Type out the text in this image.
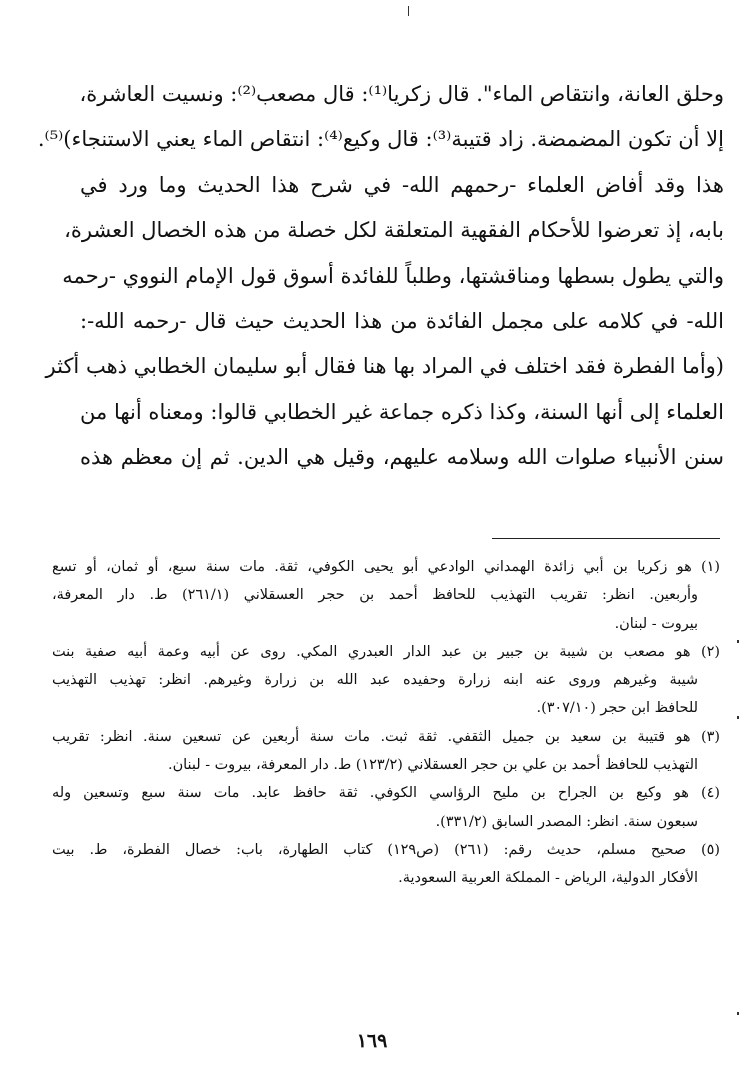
وحلق العانة، وانتقاص الماء". قال زكريا⁽¹⁾: قال مصعب⁽²⁾: ونسيت العاشرة،
إلا أن تكون المضمضة. زاد قتيبة⁽³⁾: قال وكيع⁽⁴⁾: انتقاص الماء يعني الاستنجاء)⁽⁵⁾.
هذا وقد أفاض العلماء -رحمهم الله- في شرح هذا الحديث وما ورد في
بابه، إذ تعرضوا للأحكام الفقهية المتعلقة لكل خصلة من هذه الخصال العشرة،
والتي يطول بسطها ومناقشتها، وطلباً للفائدة أسوق قول الإمام النووي -رحمه
الله- في كلامه على مجمل الفائدة من هذا الحديث حيث قال -رحمه الله-:
(وأما الفطرة فقد اختلف في المراد بها هنا فقال أبو سليمان الخطابي ذهب أكثر
العلماء إلى أنها السنة، وكذا ذكره جماعة غير الخطابي قالوا: ومعناه أنها من
سنن الأنبياء صلوات الله وسلامه عليهم، وقيل هي الدين. ثم إن معظم هذه

(١) هو زكريا بن أبي زائدة الهمداني الوادعي أبو يحيى الكوفي، ثقة. مات سنة سبع، أو ثمان، أو تسع
وأربعين. انظر: تقريب التهذيب للحافظ أحمد بن حجر العسقلاني (٢٦١/١) ط. دار المعرفة،
بيروت - لبنان.

(٢) هو مصعب بن شيبة بن جبير بن عبد الدار العبدري المكي. روى عن أبيه وعمة أبيه صفية بنت
شيبة وغيرهم وروى عنه ابنه زرارة وحفيده عبد الله بن زرارة وغيرهم. انظر: تهذيب التهذيب
للحافظ ابن حجر (٣٠٧/١٠).

(٣) هو قتيبة بن سعيد بن جميل الثقفي. ثقة ثبت. مات سنة أربعين عن تسعين سنة. انظر: تقريب
التهذيب للحافظ أحمد بن علي بن حجر العسقلاني (١٢٣/٢) ط. دار المعرفة، بيروت - لبنان.

(٤) هو وكيع بن الجراح بن مليح الرؤاسي الكوفي. ثقة حافظ عابد. مات سنة سبع وتسعين وله
سبعون سنة. انظر: المصدر السابق (٣٣١/٢).

(٥) صحيح مسلم، حديث رقم: (٢٦١) (ص١٢٩) كتاب الطهارة، باب: خصال الفطرة، ط. بيت
الأفكار الدولية، الرياض - المملكة العربية السعودية.

١٦٩
